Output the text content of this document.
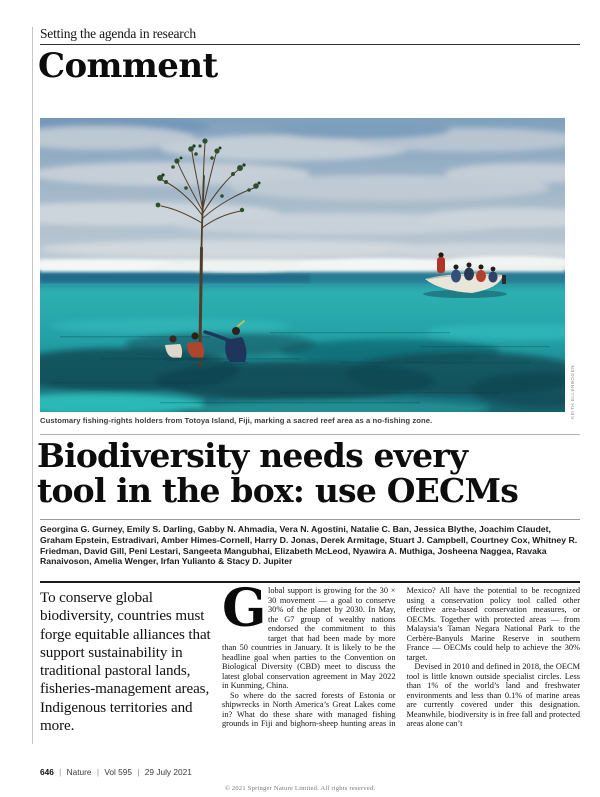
Setting the agenda in research
Comment
KEITH ELLENBOGEN
Customary fishing-rights holders from Totoya Island, Fiji, marking a sacred reef area as a no-fishing zone.
Biodiversity needs every
tool in the box: use OECMs
Georgina G. Gurney, Emily S. Darling, Gabby N. Ahmadia, Vera N. Agostini, Natalie C. Ban, Jessica Blythe, Joachim Claudet, Graham Epstein, Estradivari, Amber Himes-Cornell, Harry D. Jonas, Derek Armitage, Stuart J. Campbell, Courtney Cox, Whitney R. Friedman, David Gill, Peni Lestari, Sangeeta Mangubhai, Elizabeth McLeod, Nyawira A. Muthiga, Josheena Naggea, Ravaka Ranaivoson, Amelia Wenger, Irfan Yulianto & Stacy D. Jupiter
To conserve global biodiversity, countries must forge equitable alliances that support sustainability in traditional pastoral lands, fisheries-management areas, Indigenous territories and more.

Global support is growing for the 30 × 30 movement — a goal to conserve 30% of the planet by 2030. In May, the G7 group of wealthy nations endorsed the commitment to this target that had been made by more than 50 countries in January. It is likely to be the headline goal when parties to the Convention on Biological Diversity (CBD) meet to discuss the latest global conservation agreement in May 2022 in Kunming, China.

So where do the sacred forests of Estonia or shipwrecks in North America’s Great Lakes come in? What do these share with managed fishing grounds in Fiji and bighorn-sheep hunting areas in Mexico? All have the potential to be recognized using a conservation policy tool called other effective area-based conservation measures, or OECMs. Together with protected areas — from Malaysia’s Taman Negara National Park to the Cerbère-Banyuls Marine Reserve in southern France — OECMs could help to achieve the 30% target.

Devised in 2010 and defined in 2018, the OECM tool is little known outside specialist circles. Less than 1% of the world’s land and freshwater environments and less than 0.1% of marine areas are currently covered under this designation. Meanwhile, biodiversity is in free fall and protected areas alone can’t

646 | Nature | Vol 595 | 29 July 2021
© 2021 Springer Nature Limited. All rights reserved.
